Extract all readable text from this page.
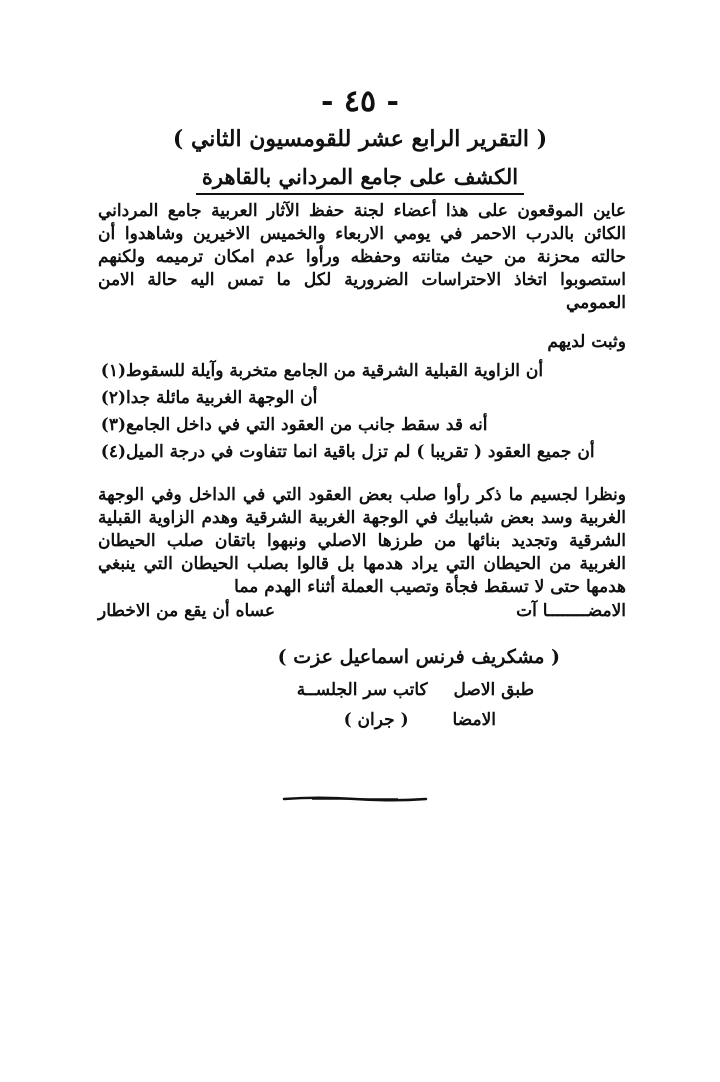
- ٤٥ -
( التقرير الرابع عشر للقومسيون الثاني )
الكشف على جامع المرداني بالقاهرة
عاين الموقعون على هذا أعضاء لجنة حفظ الآثار العربية جامع المرداني الكائن بالدرب الاحمر في يومي الاربعاء والخميس الاخيرين وشاهدوا أن حالته محزنة من حيث متانته وحفظه ورأوا عدم امكان ترميمه ولكنهم استصوبوا اتخاذ الاحتراسات الضرورية لكل ما تمس اليه حالة الامن العمومي
وثبت لديهم
(١) أن الزاوية القبلية الشرقية من الجامع متخربة وآيلة للسقوط
(٢) أن الوجهة الغربية مائلة جدا
(٣) أنه قد سقط جانب من العقود التي في داخل الجامع
(٤) أن جميع العقود ( تقريبا ) لم تزل باقية انما تتفاوت في درجة الميل
ونظرا لجسيم ما ذكر رأوا صلب بعض العقود التي في الداخل وفي الوجهة الغربية وسد بعض شبابيك في الوجهة الغربية الشرقية وهدم الزاوية القبلية الشرقية وتجديد بنائها من طرزها الاصلي ونبهوا باتقان صلب الحيطان الغربية من الحيطان التي يراد هدمها بل قالوا بصلب الحيطان التي ينبغي هدمها حتى لا تسقط فجأة وتصيب العملة أثناء الهدم مما
عساه أن يقع من الاخطار	الامضــــــــا آت
( مشكريف فرنس اسماعيل عزت )
طبق الاصل كاتب سر الجلســة
الامضا ( جران )
